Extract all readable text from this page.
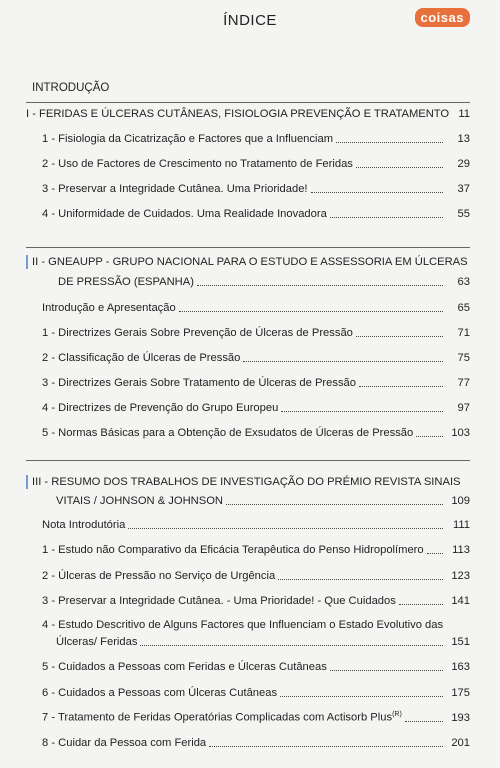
ÍNDICE	coisas
INTRODUÇÃO
I - FERIDAS E ÚLCERAS CUTÂNEAS, FISIOLOGIA PREVENÇÃO E TRATAMENTO 11
1 - Fisiologia da Cicatrização e Factores que a Influenciam	13
2 - Uso de Factores de Crescimento no Tratamento de Feridas	29
3 - Preservar a Integridade Cutânea. Uma Prioridade!	37
4 - Uniformidade de Cuidados. Uma Realidade Inovadora	55
II - GNEAUPP - GRUPO NACIONAL PARA O ESTUDO E ASSESSORIA EM ÚLCERAS
DE PRESSÃO (ESPANHA)	63
Introdução e Apresentação	65
1 - Directrizes Gerais Sobre Prevenção de Úlceras de Pressão	71
2 - Classificação de Úlceras de Pressão	75
3 - Directrizes Gerais Sobre Tratamento de Úlceras de Pressão	77
4 - Directrizes de Prevenção do Grupo Europeu	97
5 - Normas Básicas para a Obtenção de Exsudatos de Úlceras de Pressão	103
III - RESUMO DOS TRABALHOS DE INVESTIGAÇÃO DO PRÉMIO REVISTA SINAIS
VITAIS / JOHNSON & JOHNSON	109
Nota Introdutória	111
1 - Estudo não Comparativo da Eficácia Terapêutica do Penso Hidropolímero	113
2 - Úlceras de Pressão no Serviço de Urgência	123
3 - Preservar a Integridade Cutânea. - Uma Prioridade! - Que Cuidados	141
4 - Estudo Descritivo de Alguns Factores que Influenciam o Estado Evolutivo das
Úlceras/ Feridas	151
5 - Cuidados a Pessoas com Feridas e Úlceras Cutâneas	163
6 - Cuidados a Pessoas com Úlceras Cutâneas	175
7 - Tratamento de Feridas Operatórias Complicadas com Actisorb Plus$^{(R)}$	193
8 - Cuidar da Pessoa com Ferida	201
